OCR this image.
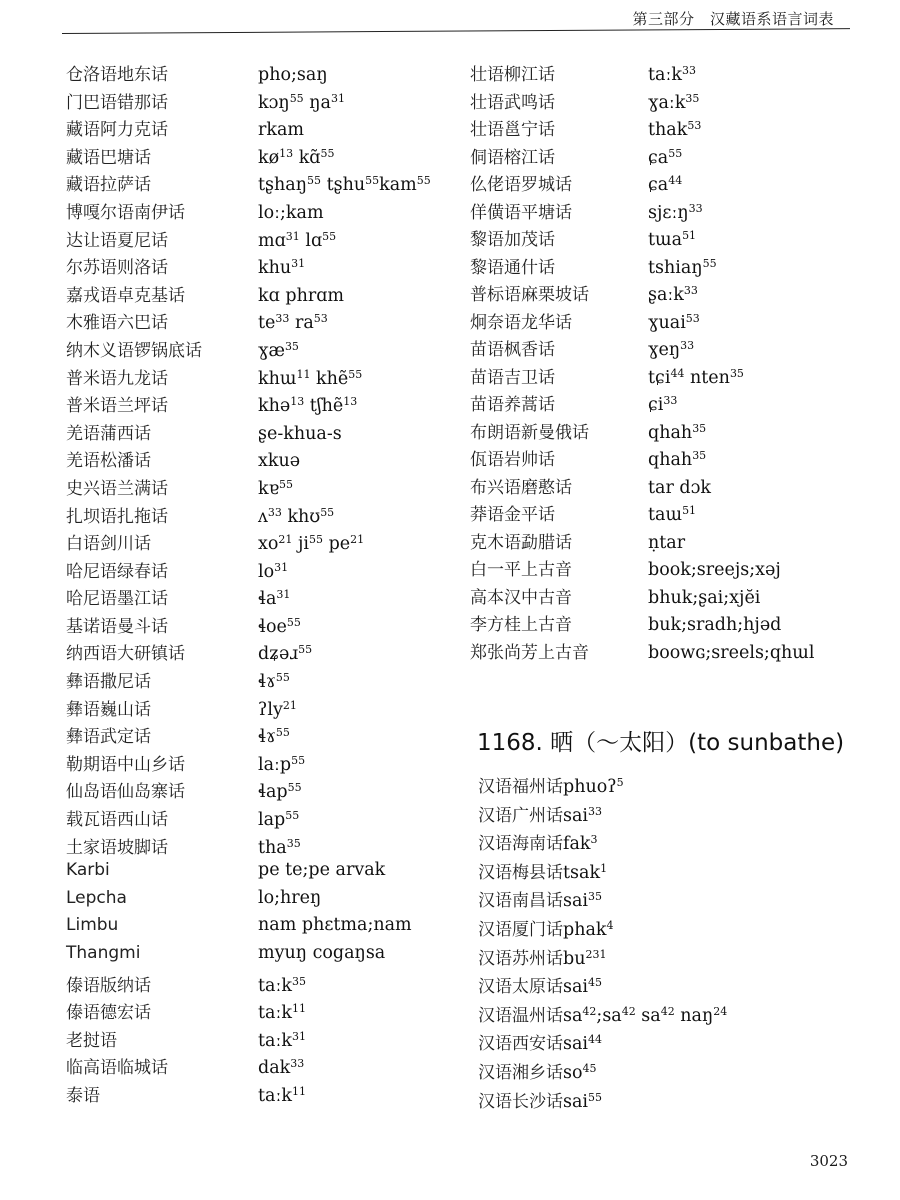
第三部分　汉藏语系语言词表
仓洛语地东话	pho;saŋ
门巴语错那话	kɔŋ$^{55}$ $ŋa^{31}$
藏语阿力克话	rkam
藏语巴塘话	$kø^{13}$ kɑ̃$^{55}$
藏语拉萨话	tʂhaŋ$^{55}$ tʂhu$^{55}$kam$^{55}$
博嘎尔语南伊话	loː;kam
达让语夏尼话	mɑ$^{31}$ lɑ$^{55}$
尔苏语则洛话	khu$^{31}$
嘉戎语卓克基话	kɑ phrɑm
木雅语六巴话	$te^{33}$ $ra^{53}$
纳木义语锣锅底话	ɣæ$^{35}$
普米语九龙话	khɯ$^{11}$ khẽ$^{55}$
普米语兰坪话	khə$^{13}$ tʃhẽ$^{13}$
羌语蒲西话	ʂe-khua-s
羌语松潘话	xkuə
史兴语兰满话	kɐ$^{55}$
扎坝语扎拖话	ʌ$^{33}$ khʊ$^{55}$
白语剑川话	$xo^{21}$ $ji^{55}$ $pe^{21}$
哈尼语绿春话	$lo^{31}$
哈尼语墨江话	ɬa$^{31}$
基诺语曼斗话	ɬoe$^{55}$
纳西语大研镇话	dʑəɹ$^{55}$
彝语撒尼话	ɬɤ$^{55}$
彝语巍山话	ʔly$^{21}$
彝语武定话	ɬɤ$^{55}$
勒期语中山乡话	laːp$^{55}$
仙岛语仙岛寨话	ɬap$^{55}$
载瓦语西山话	lap$^{55}$
土家语坡脚话	tha$^{35}$
Karbi	pe te;pe arvak
Lepcha	lo;hreŋ
Limbu	nam phɛtma;nam
Thangmi	myuŋ cogaŋsa
傣语版纳话	taːk$^{35}$
傣语德宏话	taːk$^{11}$
老挝语	taːk$^{31}$
临高语临城话	dak$^{33}$
泰语	taːk$^{11}$
壮语柳江话	taːk$^{33}$
壮语武鸣话	ɣaːk$^{35}$
壮语邕宁话	thak$^{53}$
侗语榕江话	ɕa$^{55}$
仫佬语罗城话	ɕa$^{44}$
佯僙语平塘话	sjɛːŋ$^{33}$
黎语加茂话	tɯa$^{51}$
黎语通什话	tshiaŋ$^{55}$
普标语麻栗坡话	ʂaːk$^{33}$
炯奈语龙华话	ɣuai$^{53}$
苗语枫香话	ɣeŋ$^{33}$
苗语吉卫话	tɕi$^{44}$ nten$^{35}$
苗语养蒿话	ɕi$^{33}$
布朗语新曼俄话	qhah$^{35}$
佤语岩帅话	qhah$^{35}$
布兴语磨憨话	tar dɔk
莽语金平话	taɯ$^{51}$
克木语勐腊话	ṇtar
白一平上古音	book;sreejs;xəj
高本汉中古音	bhuk;ʂai;xjĕi
李方桂上古音	buk;sradh;hjəd
郑张尚芳上古音	boowɢ;sreels;qhɯl
1168. 晒（～太阳）(to sunbathe)
汉语福州话 phuoʔ$^5$
汉语广州话 sai$^{33}$
汉语海南话 fak$^3$
汉语梅县话 tsak$^1$
汉语南昌话 sai$^{35}$
汉语厦门话 phak$^4$
汉语苏州话 $bu^{231}$
汉语太原话 sai$^{45}$
汉语温州话 $sa^{42};sa^{42}$ $sa^{42}$ naŋ$^{24}$
汉语西安话 sai$^{44}$
汉语湘乡话 $so^{45}$
汉语长沙话 sai$^{55}$
3023
